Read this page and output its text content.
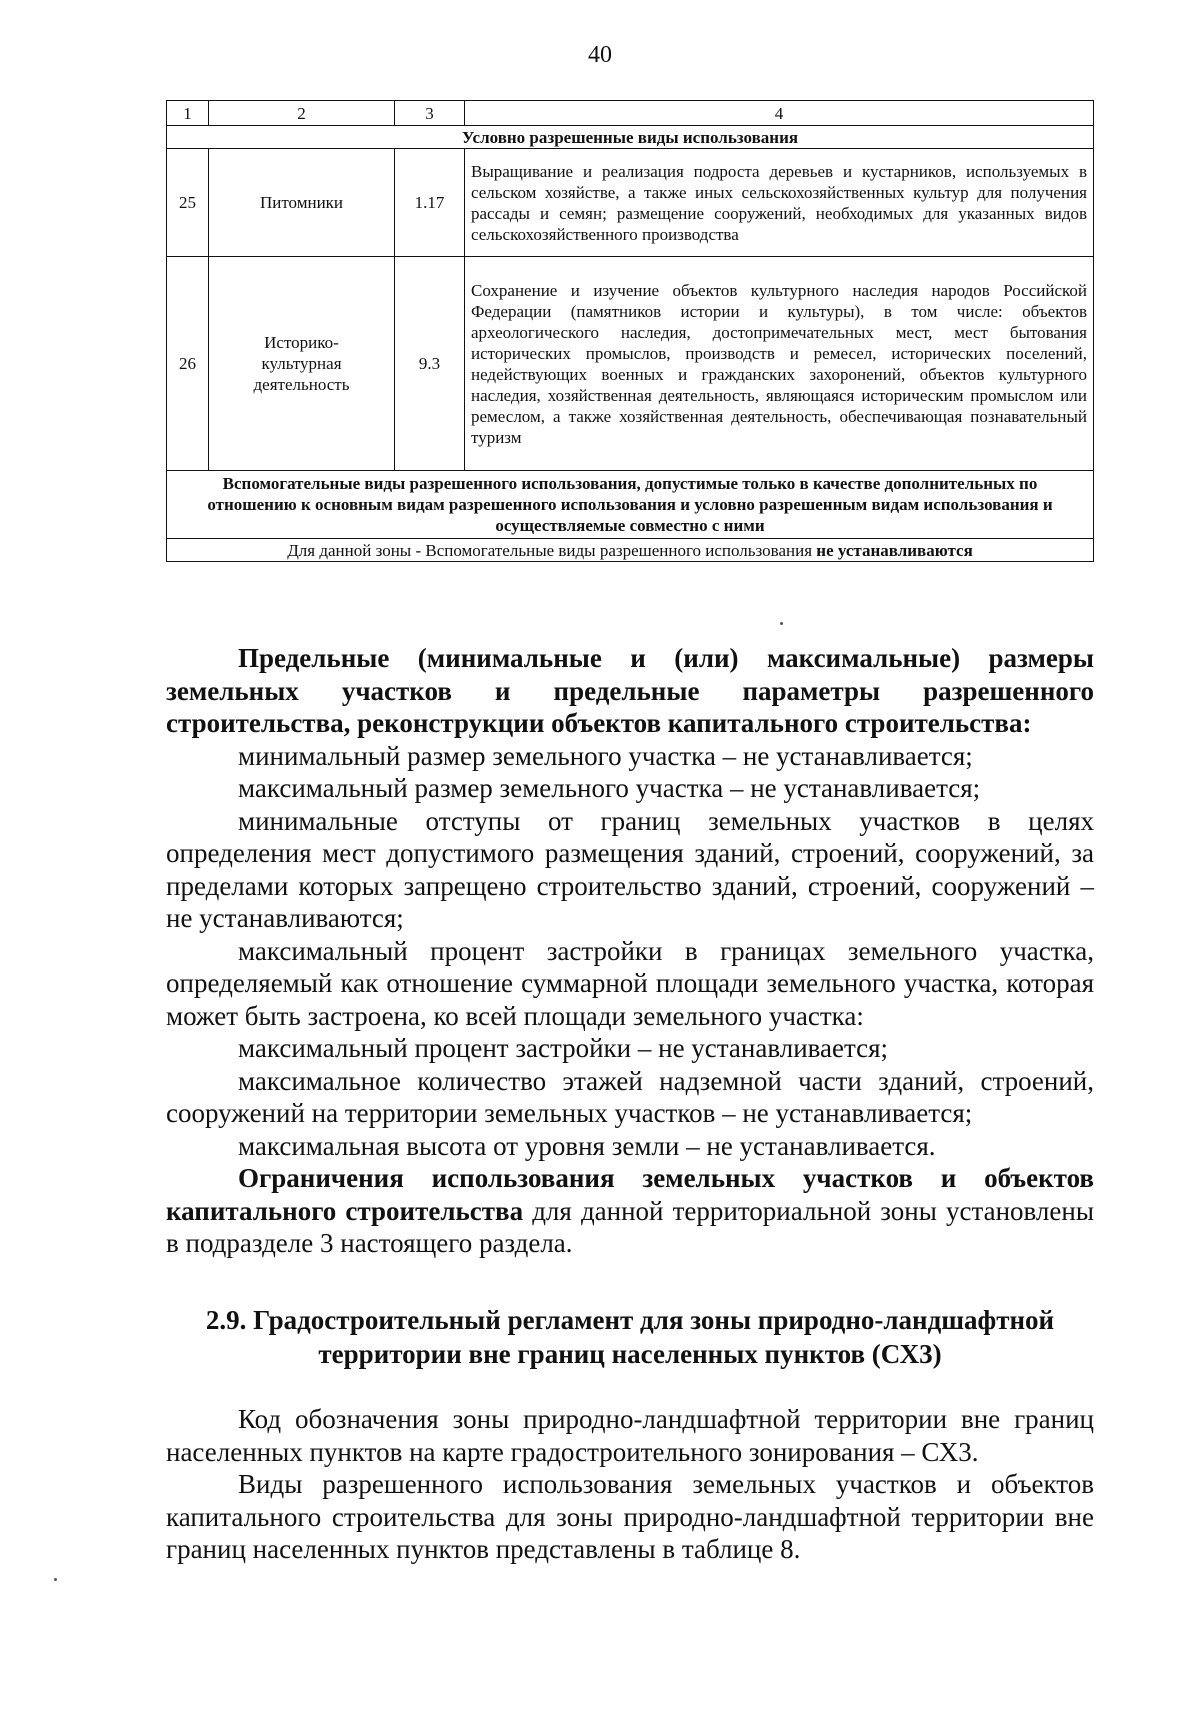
40
1	2	3	4
Условно разрешенные виды использования			
25	Питомники	1.17	Выращивание и реализация подроста деревьев и кустарников, используемых в сельском хозяйстве, а также иных сельскохозяйственных культур для получения рассады и семян; размещение сооружений, необходимых для указанных видов сельскохозяйственного производства
26	Историко-культурная деятельность	9.3	Сохранение и изучение объектов культурного наследия народов Российской Федерации (памятников истории и культуры), в том числе: объектов археологического наследия, достопримечательных мест, мест бытования исторических промыслов, производств и ремесел, исторических поселений, недействующих военных и гражданских захоронений, объектов культурного наследия, хозяйственная деятельность, являющаяся историческим промыслом или ремеслом, а также хозяйственная деятельность, обеспечивающая познавательный туризм
Вспомогательные виды разрешенного использования, допустимые только в качестве дополнительных по отношению к основным видам разрешенного использования и условно разрешенным видам использования и осуществляемые совместно с ними			
Для данной зоны - Вспомогательные виды разрешенного использования не устанавливаются			

Предельные (минимальные и (или) максимальные) размеры земельных участков и предельные параметры разрешенного строительства, реконструкции объектов капитального строительства:

минимальный размер земельного участка – не устанавливается;

максимальный размер земельного участка – не устанавливается;

минимальные отступы от границ земельных участков в целях определения мест допустимого размещения зданий, строений, сооружений, за пределами которых запрещено строительство зданий, строений, сооружений – не устанавливаются;

максимальный процент застройки в границах земельного участка, определяемый как отношение суммарной площади земельного участка, которая может быть застроена, ко всей площади земельного участка:

максимальный процент застройки – не устанавливается;

максимальное количество этажей надземной части зданий, строений, сооружений на территории земельных участков – не устанавливается;

максимальная высота от уровня земли – не устанавливается.

Ограничения использования земельных участков и объектов капитального строительства для данной территориальной зоны установлены в подразделе 3 настоящего раздела.

2.9. Градостроительный регламент для зоны природно-ландшафтной
территории вне границ населенных пунктов (СХ3)

Код обозначения зоны природно-ландшафтной территории вне границ населенных пунктов на карте градостроительного зонирования – СХ3.

Виды разрешенного использования земельных участков и объектов капитального строительства для зоны природно-ландшафтной территории вне границ населенных пунктов представлены в таблице 8.
